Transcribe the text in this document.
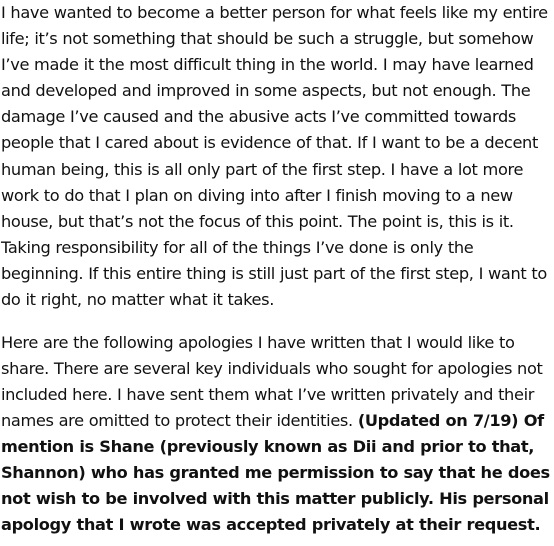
I have wanted to become a better person for what feels like my entire life; it’s not something that should be such a struggle, but somehow I’ve made it the most difficult thing in the world. I may have learned and developed and improved in some aspects, but not enough. The damage I’ve caused and the abusive acts I’ve committed towards people that I cared about is evidence of that. If I want to be a decent human being, this is all only part of the first step. I have a lot more work to do that I plan on diving into after I finish moving to a new house, but that’s not the focus of this point. The point is, this is it. Taking responsibility for all of the things I’ve done is only the beginning. If this entire thing is still just part of the first step, I want to do it right, no matter what it takes.

Here are the following apologies I have written that I would like to share. There are several key individuals who sought for apologies not included here. I have sent them what I’ve written privately and their names are omitted to protect their identities. (Updated on 7/19) Of mention is Shane (previously known as Dii and prior to that, Shannon) who has granted me permission to say that he does not wish to be involved with this matter publicly. His personal apology that I wrote was accepted privately at their request.
